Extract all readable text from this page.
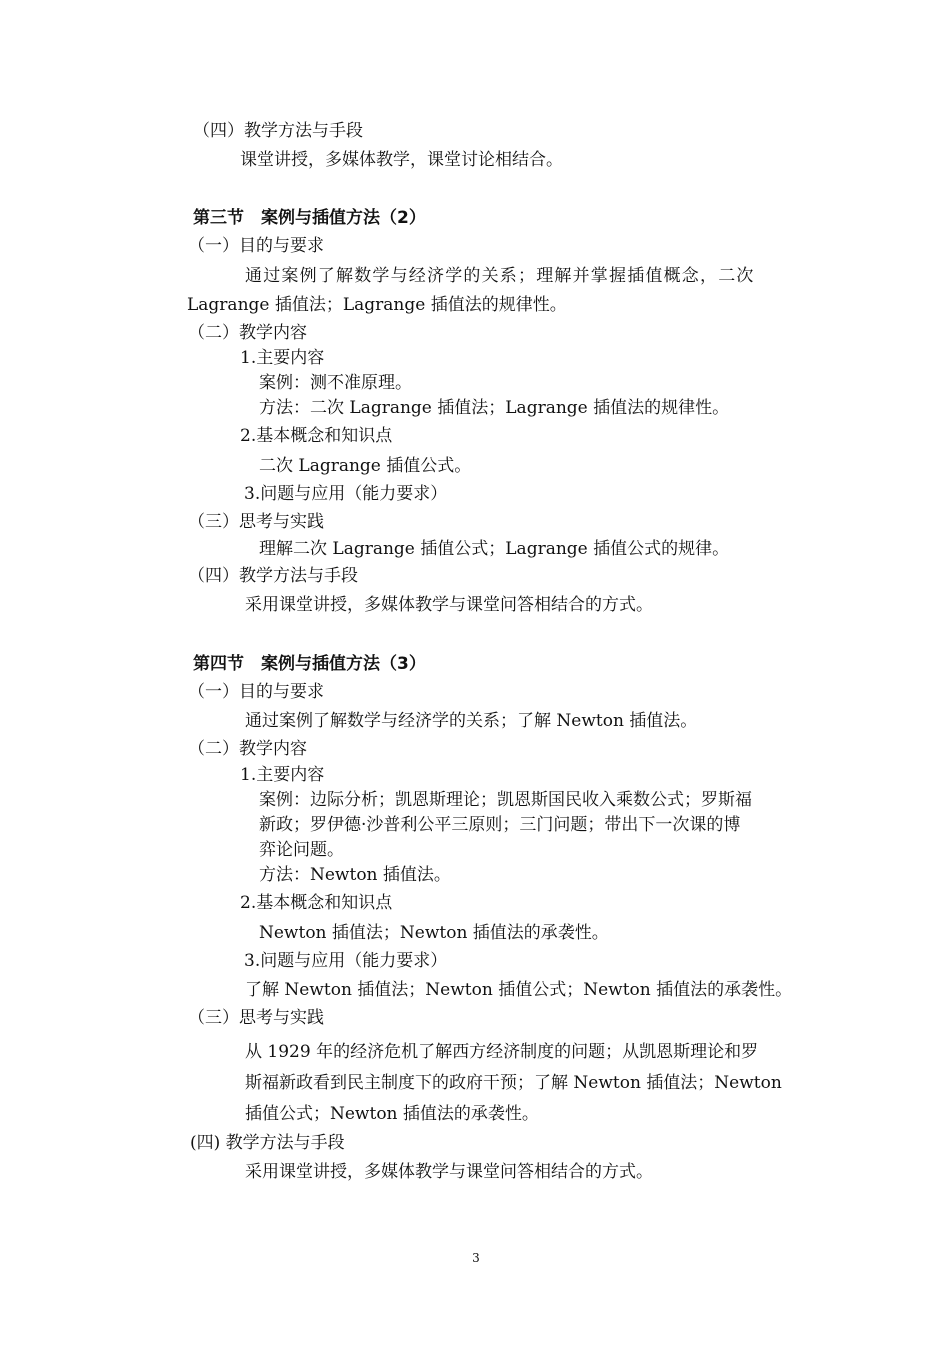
（四）教学方法与手段
课堂讲授，多媒体教学，课堂讨论相结合。
第三节　案例与插值方法（2）
（一）目的与要求
通过案例了解数学与经济学的关系；理解并掌握插值概念，二次
Lagrange 插值法；Lagrange 插值法的规律性。
（二）教学内容
1.主要内容
案例：测不准原理。
方法：二次 Lagrange 插值法；Lagrange 插值法的规律性。
2.基本概念和知识点
二次 Lagrange 插值公式。
3.问题与应用（能力要求）
（三）思考与实践
理解二次 Lagrange 插值公式；Lagrange 插值公式的规律。
（四）教学方法与手段
采用课堂讲授，多媒体教学与课堂问答相结合的方式。
第四节　案例与插值方法（3）
（一）目的与要求
通过案例了解数学与经济学的关系；了解 Newton 插值法。
（二）教学内容
1.主要内容
案例：边际分析；凯恩斯理论；凯恩斯国民收入乘数公式；罗斯福
新政；罗伊德·沙普利公平三原则；三门问题；带出下一次课的博
弈论问题。
方法：Newton 插值法。
2.基本概念和知识点
Newton 插值法；Newton 插值法的承袭性。
3.问题与应用（能力要求）
了解 Newton 插值法；Newton 插值公式；Newton 插值法的承袭性。
（三）思考与实践
从 1929 年的经济危机了解西方经济制度的问题；从凯恩斯理论和罗
斯福新政看到民主制度下的政府干预；了解 Newton 插值法；Newton
插值公式；Newton 插值法的承袭性。
(四) 教学方法与手段
采用课堂讲授，多媒体教学与课堂问答相结合的方式。
3
